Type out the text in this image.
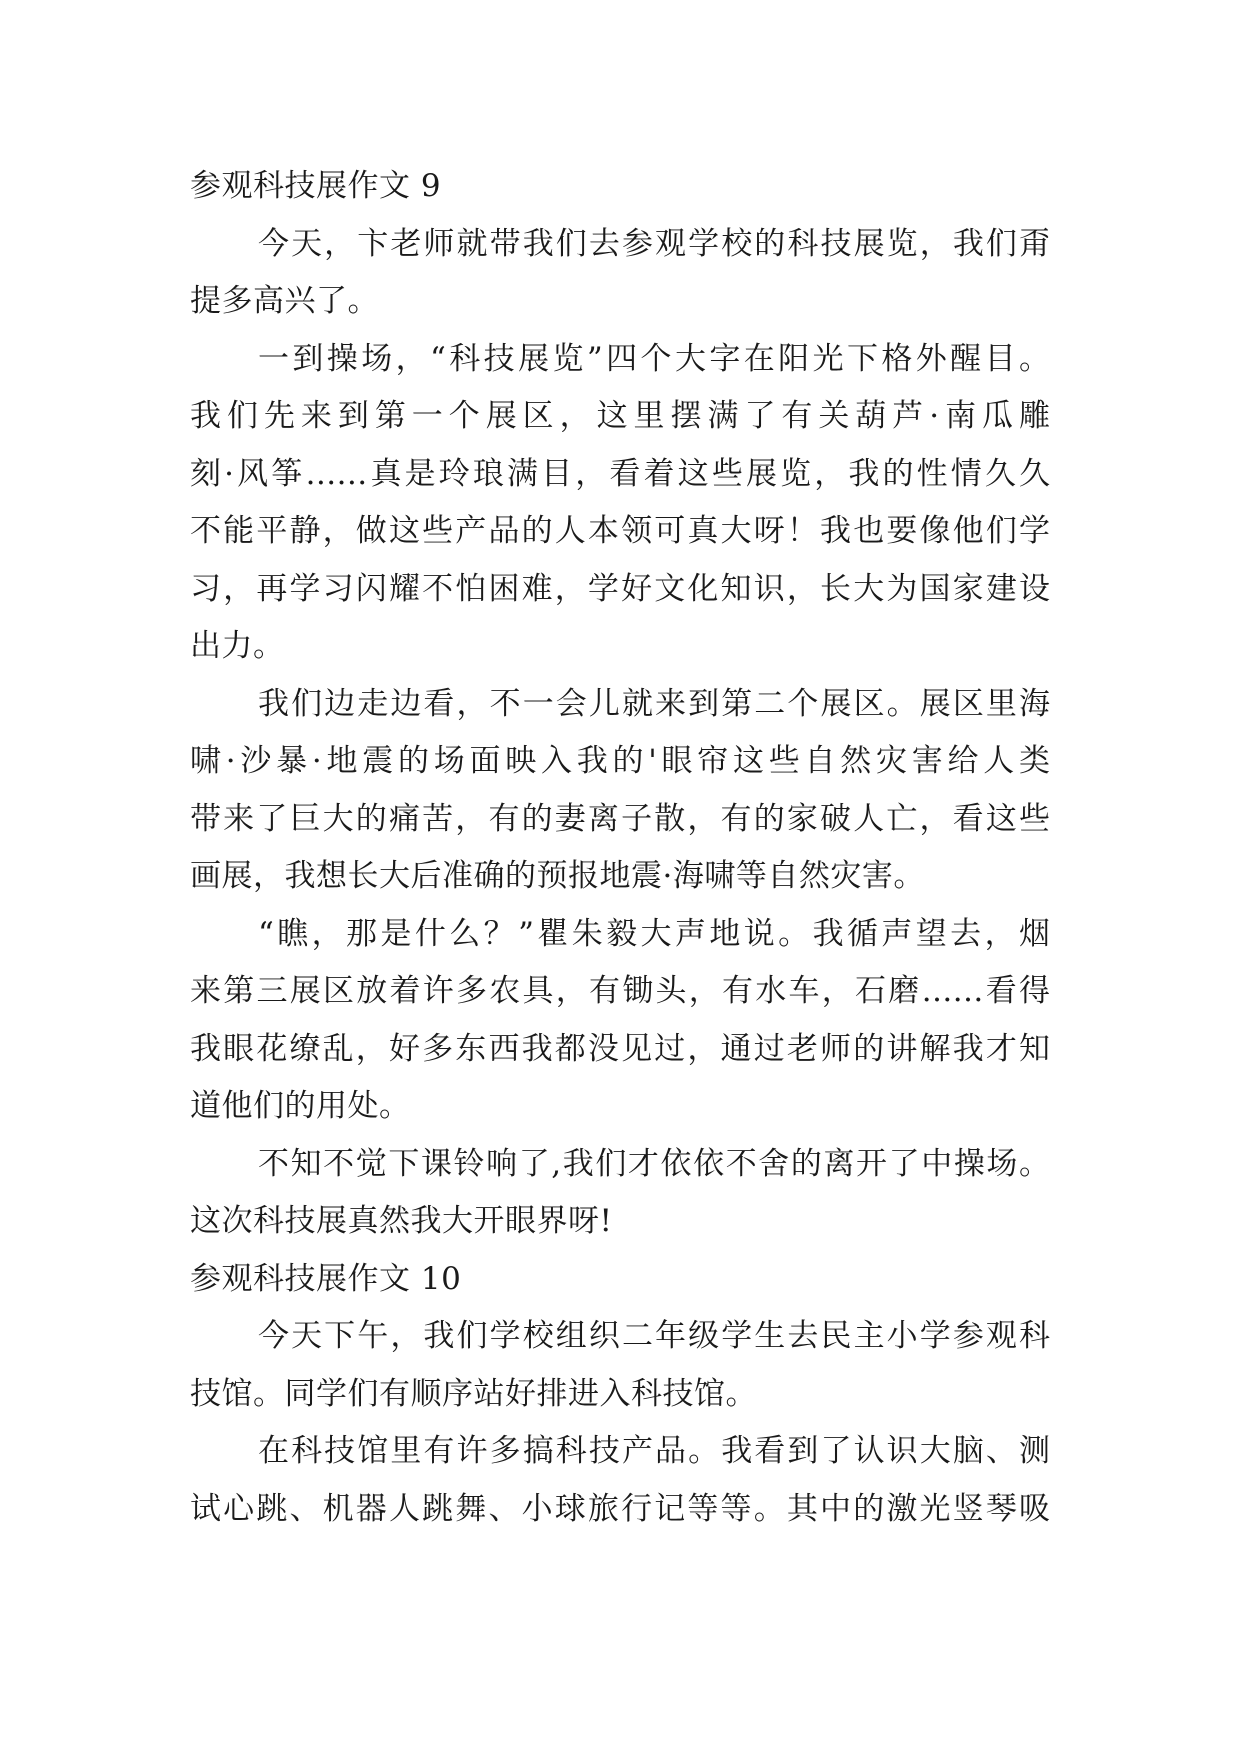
参观科技展作文 9
今天，卞老师就带我们去参观学校的科技展览，我们甭
提多高兴了。
一到操场，“科技展览”四个大字在阳光下格外醒目。
我们先来到第一个展区，这里摆满了有关葫芦·南瓜雕
刻·风筝……真是玲琅满目，看着这些展览，我的性情久久
不能平静，做这些产品的人本领可真大呀！我也要像他们学
习，再学习闪耀不怕困难，学好文化知识，长大为国家建设
出力。
我们边走边看，不一会儿就来到第二个展区。展区里海
啸·沙暴·地震的场面映入我的'眼帘这些自然灾害给人类
带来了巨大的痛苦，有的妻离子散，有的家破人亡，看这些
画展，我想长大后准确的预报地震·海啸等自然灾害。
“瞧，那是什么？”瞿朱毅大声地说。我循声望去，烟
来第三展区放着许多农具，有锄头，有水车，石磨……看得
我眼花缭乱，好多东西我都没见过，通过老师的讲解我才知
道他们的用处。
不知不觉下课铃响了,我们才依依不舍的离开了中操场。
这次科技展真然我大开眼界呀!
参观科技展作文 10
今天下午，我们学校组织二年级学生去民主小学参观科
技馆。同学们有顺序站好排进入科技馆。
在科技馆里有许多搞科技产品。我看到了认识大脑、测
试心跳、机器人跳舞、小球旅行记等等。其中的激光竖琴吸
